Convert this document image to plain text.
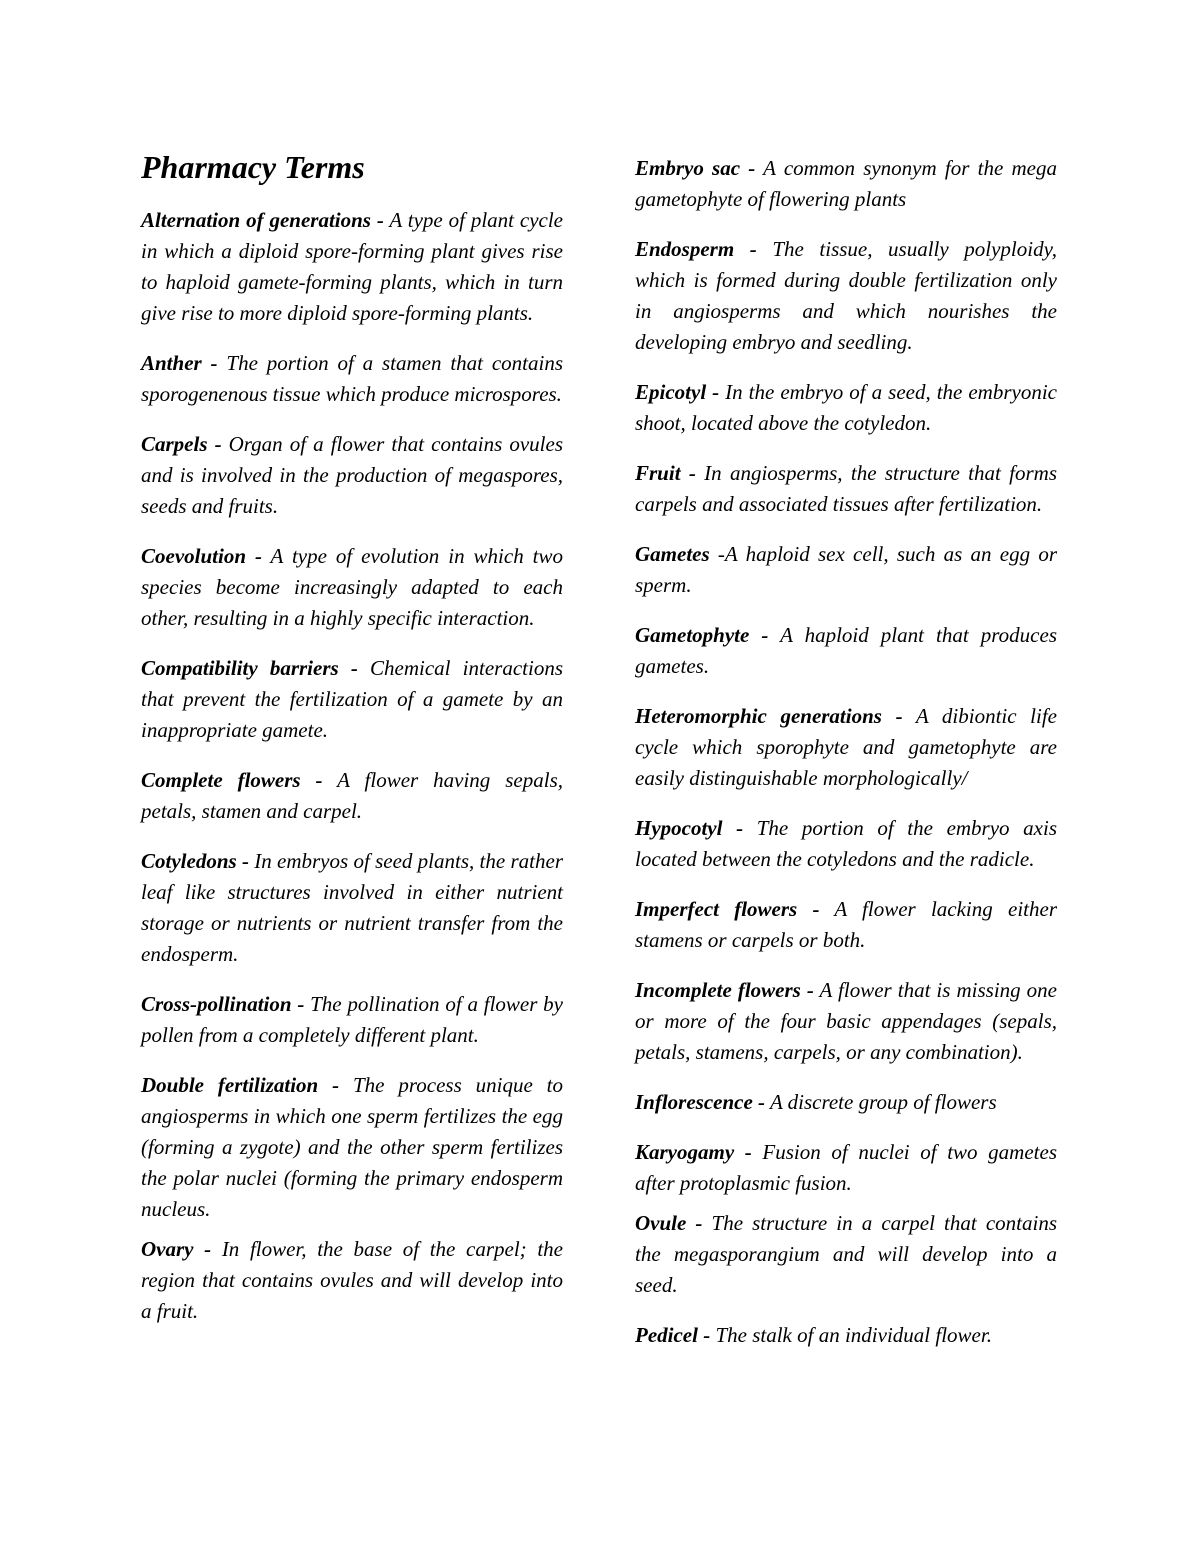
Pharmacy Terms
Alternation of generations - A type of plant cycle in which a diploid spore-forming plant gives rise to haploid gamete-forming plants, which in turn give rise to more diploid spore-forming plants.
Anther - The portion of a stamen that contains sporogenenous tissue which produce microspores.
Carpels - Organ of a flower that contains ovules and is involved in the production of megaspores, seeds and fruits.
Coevolution - A type of evolution in which two species become increasingly adapted to each other, resulting in a highly specific interaction.
Compatibility barriers - Chemical interactions that prevent the fertilization of a gamete by an inappropriate gamete.
Complete flowers - A flower having sepals, petals, stamen and carpel.
Cotyledons - In embryos of seed plants, the rather leaf like structures involved in either nutrient storage or nutrients or nutrient transfer from the endosperm.
Cross-pollination - The pollination of a flower by pollen from a completely different plant.
Double fertilization - The process unique to angiosperms in which one sperm fertilizes the egg (forming a zygote) and the other sperm fertilizes the polar nuclei (forming the primary endosperm nucleus.
Ovary - In flower, the base of the carpel; the region that contains ovules and will develop into a fruit.
Embryo sac - A common synonym for the mega gametophyte of flowering plants
Endosperm - The tissue, usually polyploidy, which is formed during double fertilization only in angiosperms and which nourishes the developing embryo and seedling.
Epicotyl - In the embryo of a seed, the embryonic shoot, located above the cotyledon.
Fruit - In angiosperms, the structure that forms carpels and associated tissues after fertilization.
Gametes -A haploid sex cell, such as an egg or sperm.
Gametophyte - A haploid plant that produces gametes.
Heteromorphic generations - A dibiontic life cycle which sporophyte and gametophyte are easily distinguishable morphologically/
Hypocotyl - The portion of the embryo axis located between the cotyledons and the radicle.
Imperfect flowers - A flower lacking either stamens or carpels or both.
Incomplete flowers - A flower that is missing one or more of the four basic appendages (sepals, petals, stamens, carpels, or any combination).
Inflorescence - A discrete group of flowers
Karyogamy - Fusion of nuclei of two gametes after protoplasmic fusion.
Ovule - The structure in a carpel that contains the megasporangium and will develop into a seed.
Pedicel - The stalk of an individual flower.
